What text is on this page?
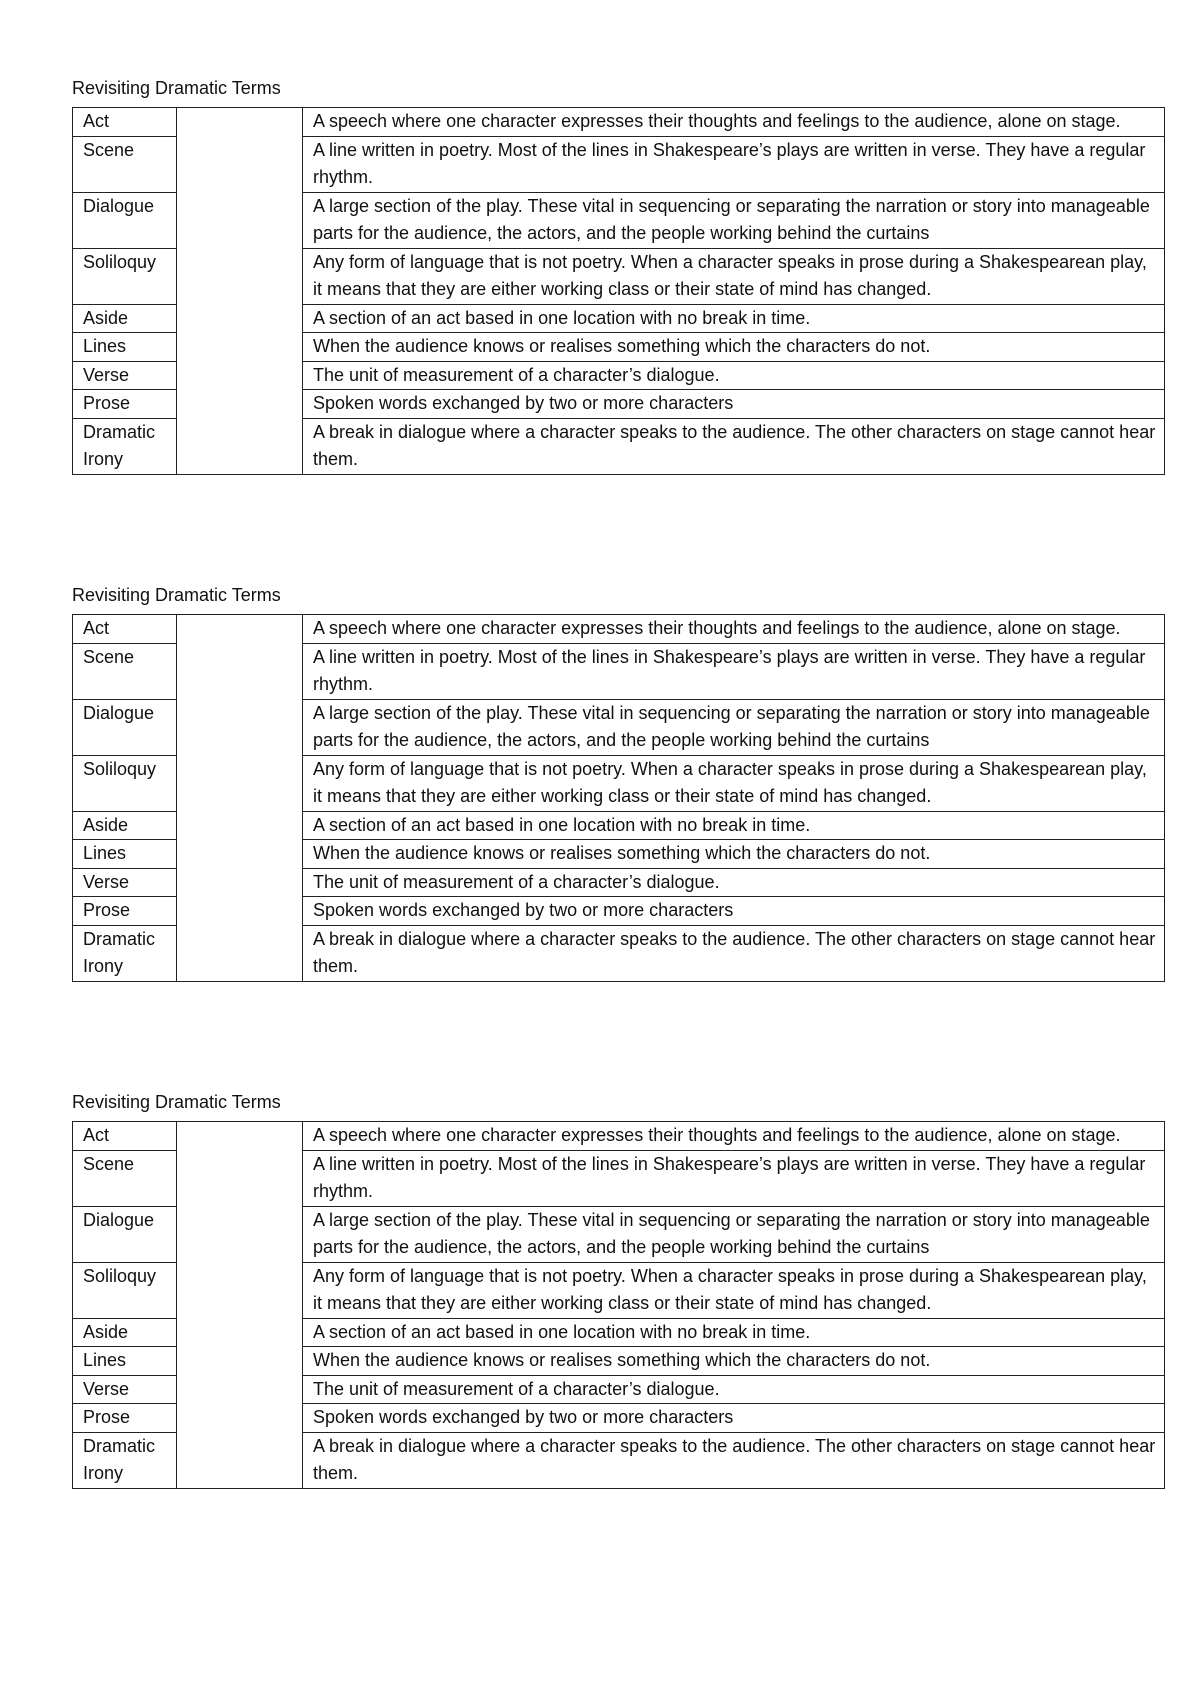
Revisiting Dramatic Terms
Act		A speech where one character expresses their thoughts and feelings to the audience, alone on stage.
Scene		A line written in poetry. Most of the lines in Shakespeare’s plays are written in verse. They have a regular rhythm.
Dialogue		A large section of the play. These vital in sequencing or separating the narration or story into manageable parts for the audience, the actors, and the people working behind the curtains
Soliloquy		Any form of language that is not poetry. When a character speaks in prose during a Shakespearean play, it means that they are either working class or their state of mind has changed.
Aside		A section of an act based in one location with no break in time.
Lines		When the audience knows or realises something which the characters do not.
Verse		The unit of measurement of a character’s dialogue.
Prose		Spoken words exchanged by two or more characters
Dramatic Irony		A break in dialogue where a character speaks to the audience. The other characters on stage cannot hear them.
Revisiting Dramatic Terms
Act		A speech where one character expresses their thoughts and feelings to the audience, alone on stage.
Scene		A line written in poetry. Most of the lines in Shakespeare’s plays are written in verse. They have a regular rhythm.
Dialogue		A large section of the play. These vital in sequencing or separating the narration or story into manageable parts for the audience, the actors, and the people working behind the curtains
Soliloquy		Any form of language that is not poetry. When a character speaks in prose during a Shakespearean play, it means that they are either working class or their state of mind has changed.
Aside		A section of an act based in one location with no break in time.
Lines		When the audience knows or realises something which the characters do not.
Verse		The unit of measurement of a character’s dialogue.
Prose		Spoken words exchanged by two or more characters
Dramatic Irony		A break in dialogue where a character speaks to the audience. The other characters on stage cannot hear them.
Revisiting Dramatic Terms
Act		A speech where one character expresses their thoughts and feelings to the audience, alone on stage.
Scene		A line written in poetry. Most of the lines in Shakespeare’s plays are written in verse. They have a regular rhythm.
Dialogue		A large section of the play. These vital in sequencing or separating the narration or story into manageable parts for the audience, the actors, and the people working behind the curtains
Soliloquy		Any form of language that is not poetry. When a character speaks in prose during a Shakespearean play, it means that they are either working class or their state of mind has changed.
Aside		A section of an act based in one location with no break in time.
Lines		When the audience knows or realises something which the characters do not.
Verse		The unit of measurement of a character’s dialogue.
Prose		Spoken words exchanged by two or more characters
Dramatic Irony		A break in dialogue where a character speaks to the audience. The other characters on stage cannot hear them.
